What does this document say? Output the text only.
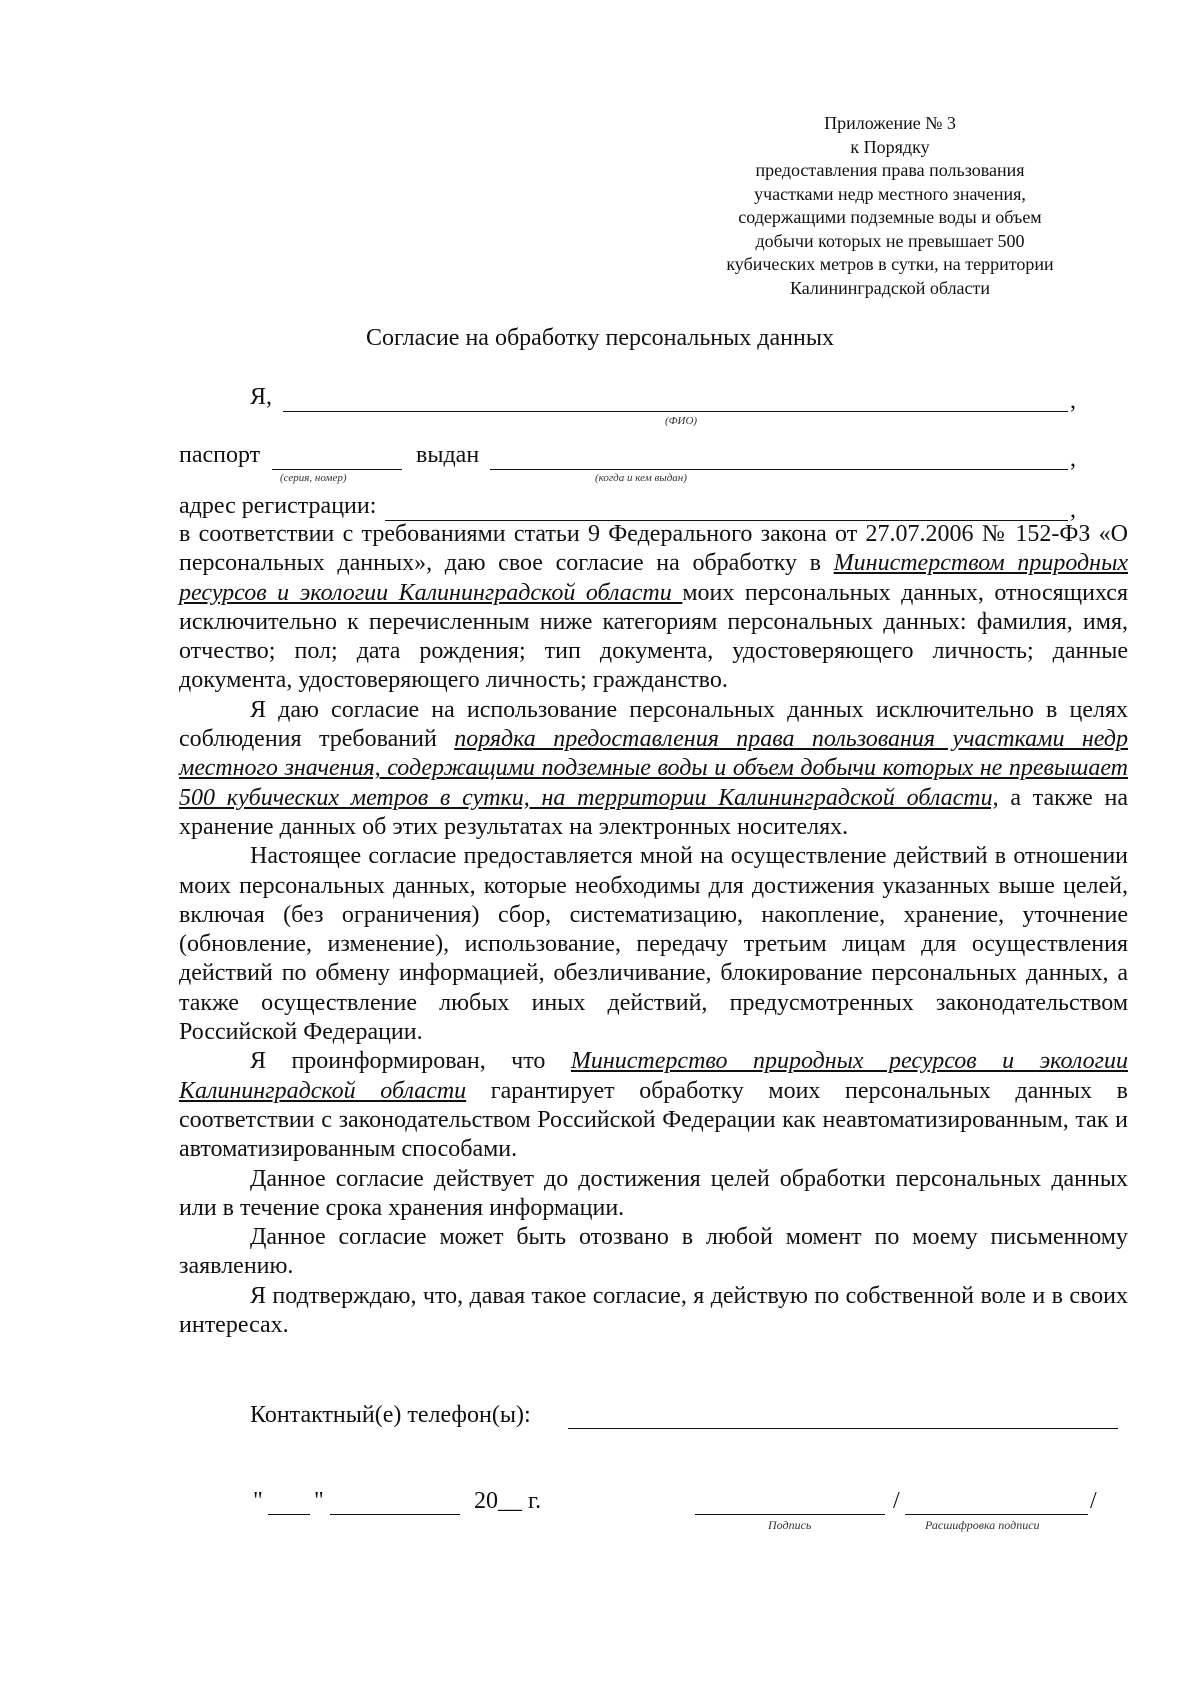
Приложение № 3
к Порядку
предоставления права пользования
участками недр местного значения,
содержащими подземные воды и объем
добычи которых не превышает 500
кубических метров в сутки, на территории
Калининградской области
Согласие на обработку персональных данных
Я,	,
(ФИО)
паспорт
(серия, номер)
выдан	,
(когда и кем выдан)
адрес регистрации:	,

в соответствии с требованиями статьи 9 Федерального закона от 27.07.2006 № 152-ФЗ «О персональных данных», даю свое согласие на обработку в Министерством природных ресурсов и экологии Калининградской области моих персональных данных, относящихся исключительно к перечисленным ниже категориям персональных данных: фамилия, имя, отчество; пол; дата рождения; тип документа, удостоверяющего личность; данные документа, удостоверяющего личность; гражданство.

Я даю согласие на использование персональных данных исключительно в целях соблюдения требований порядка предоставления права пользования участками недр местного значения, содержащими подземные воды и объем добычи которых не превышает 500 кубических метров в сутки, на территории Калининградской области, а также на хранение данных об этих результатах на электронных носителях.

Настоящее согласие предоставляется мной на осуществление действий в отношении моих персональных данных, которые необходимы для достижения указанных выше целей, включая (без ограничения) сбор, систематизацию, накопление, хранение, уточнение (обновление, изменение), использование, передачу третьим лицам для осуществления действий по обмену информацией, обезличивание, блокирование персональных данных, а также осуществление любых иных действий, предусмотренных законодательством Российской Федерации.

Я проинформирован, что Министерство природных ресурсов и экологии Калининградской области гарантирует обработку моих персональных данных в соответствии с законодательством Российской Федерации как неавтоматизированным, так и автоматизированным способами.

Данное согласие действует до достижения целей обработки персональных данных или в течение срока хранения информации.

Данное согласие может быть отозвано в любой момент по моему письменному заявлению.

Я подтверждаю, что, давая такое согласие, я действую по собственной воле и в своих интересах.

Контактный(е) телефон(ы):
" "	20__ г.	/	/
Подпись	Расшифровка подписи
